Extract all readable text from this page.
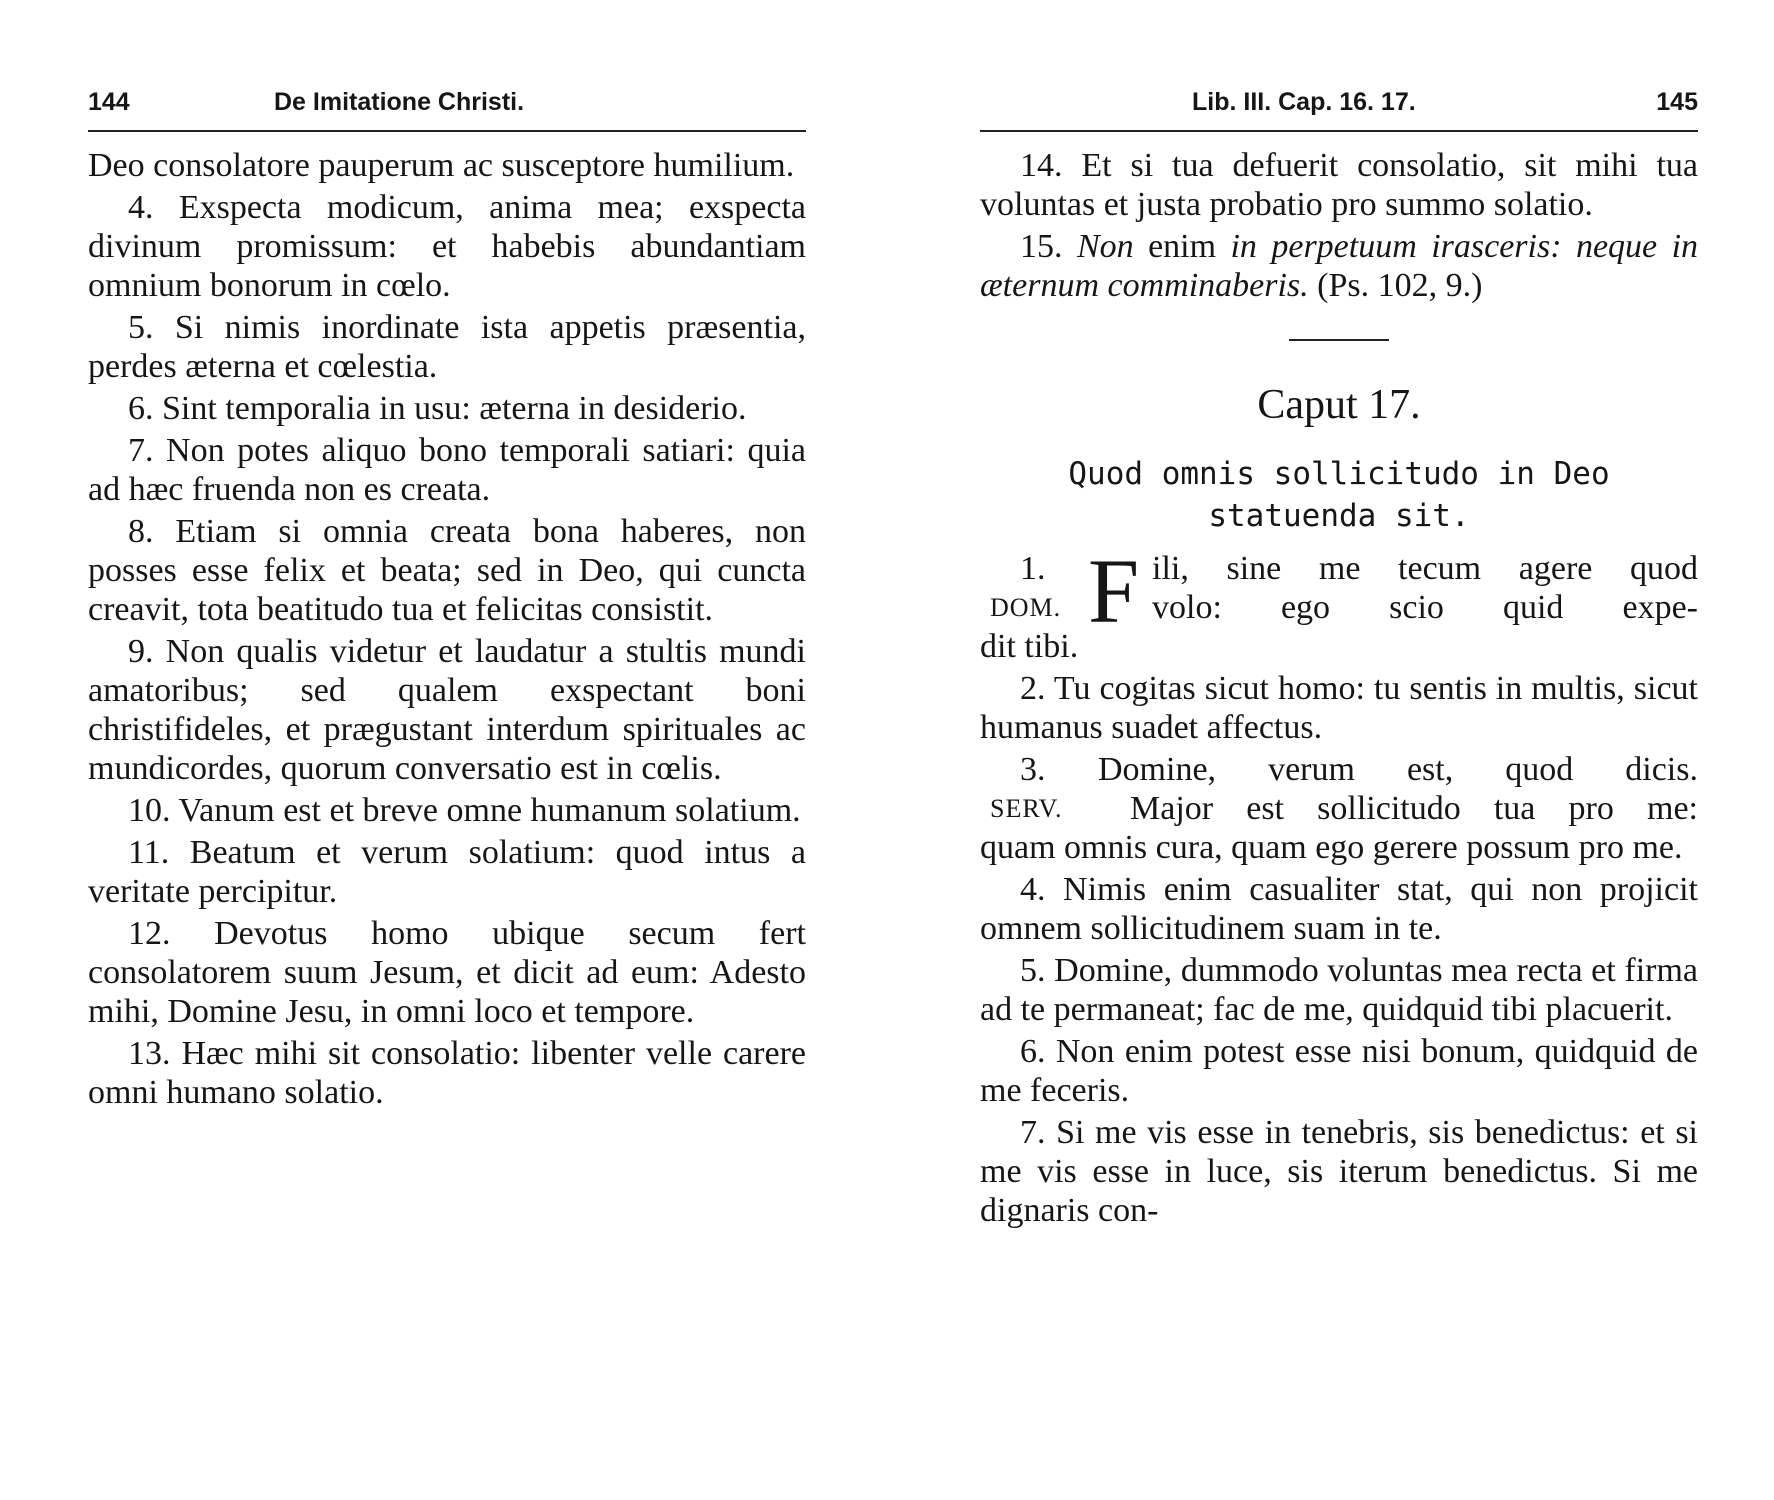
144	De Imitatione Christi.

Deo consolatore pauperum ac susceptore humilium.

4. Exspecta modicum, anima mea; exspecta divinum promissum: et habebis abundantiam omnium bonorum in cœlo.

5. Si nimis inordinate ista appetis præsentia, perdes æterna et cœlestia.

6. Sint temporalia in usu: æterna in desiderio.

7. Non potes aliquo bono temporali satiari: quia ad hæc fruenda non es creata.

8. Etiam si omnia creata bona haberes, non posses esse felix et beata; sed in Deo, qui cuncta creavit, tota beatitudo tua et felicitas consistit.

9. Non qualis videtur et laudatur a stultis mundi amatoribus; sed qualem exspectant boni christifideles, et prægustant interdum spirituales ac mundicordes, quorum conversatio est in cœlis.

10. Vanum est et breve omne humanum solatium.

11. Beatum et verum solatium: quod intus a veritate percipitur.

12. Devotus homo ubique secum fert consolatorem suum Jesum, et dicit ad eum: Adesto mihi, Domine Jesu, in omni loco et tempore.

13. Hæc mihi sit consolatio: libenter velle carere omni humano solatio.

Lib. III. Cap. 16. 17.	145

14. Et si tua defuerit consolatio, sit mihi tua voluntas et justa probatio pro summo solatio.

15. Non enim in perpetuum irasceris: neque in æternum comminaberis. (Ps. 102, 9.)

Caput 17.
Quod omnis sollicitudo in Deo statuenda sit.
1.
DOM. F ili, sine me tecum agere quod
volo: ego scio quid expe-

dit tibi.

2. Tu cogitas sicut homo: tu sentis in multis, sicut humanus suadet affectus.

3.
SERV.
Domine, verum est, quod dicis.
Major est sollicitudo tua pro me:

quam omnis cura, quam ego gerere possum pro me.

4. Nimis enim casualiter stat, qui non projicit omnem sollicitudinem suam in te.

5. Domine, dummodo voluntas mea recta et firma ad te permaneat; fac de me, quidquid tibi placuerit.

6. Non enim potest esse nisi bonum, quidquid de me feceris.

7. Si me vis esse in tenebris, sis benedictus: et si me vis esse in luce, sis iterum benedictus. Si me dignaris con-
